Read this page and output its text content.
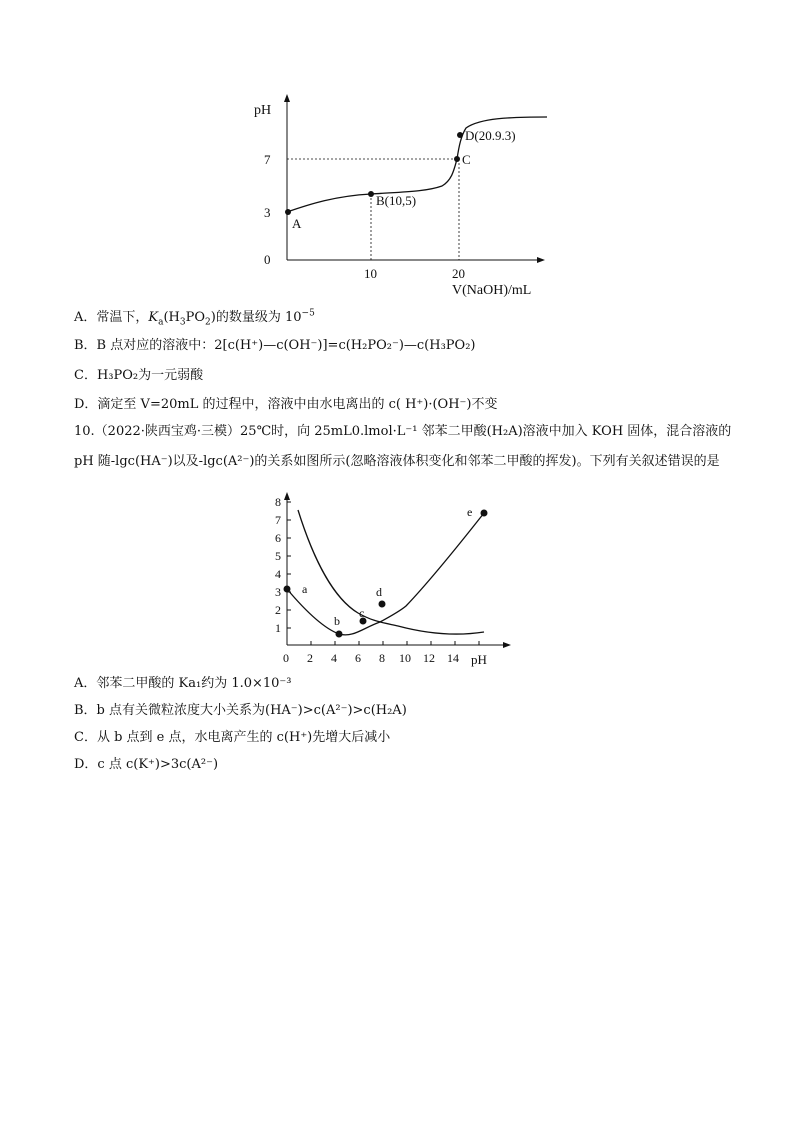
pH
0
3
7
10	20
V(NaOH)/mL
A
B(10,5)
C
D(20.9.3)
A．常温下，$K_a(H_3PO_2)$的数量级为 $10^{-5}$
B．B 点对应的溶液中：2[c(H⁺)—c(OH⁻)]=c(H₂PO₂⁻)—c(H₃PO₂)
C．H₃PO₂为一元弱酸
D．滴定至 V=20mL 的过程中，溶液中由水电离出的 c( H⁺)·(OH⁻)不变
10.（2022·陕西宝鸡·三模）25℃时，向 25mL0.lmol·L⁻¹ 邻苯二甲酸(H₂A)溶液中加入 KOH 固体，混合溶液的 pH 随-lgc(HA⁻)以及-lgc(A²⁻)的关系如图所示(忽略溶液体积变化和邻苯二甲酸的挥发)。下列有关叙述错误的是
a
b
c
d
e
1
2
3
4
5
6
7
8
0 2 4 6 8 10 12 14 pH
A．邻苯二甲酸的 Ka₁约为 1.0×10⁻³
B．b 点有关微粒浓度大小关系为(HA⁻)>c(A²⁻)>c(H₂A)
C．从 b 点到 e 点，水电离产生的 c(H⁺)先增大后减小
D．c 点 c(K⁺)>3c(A²⁻)
